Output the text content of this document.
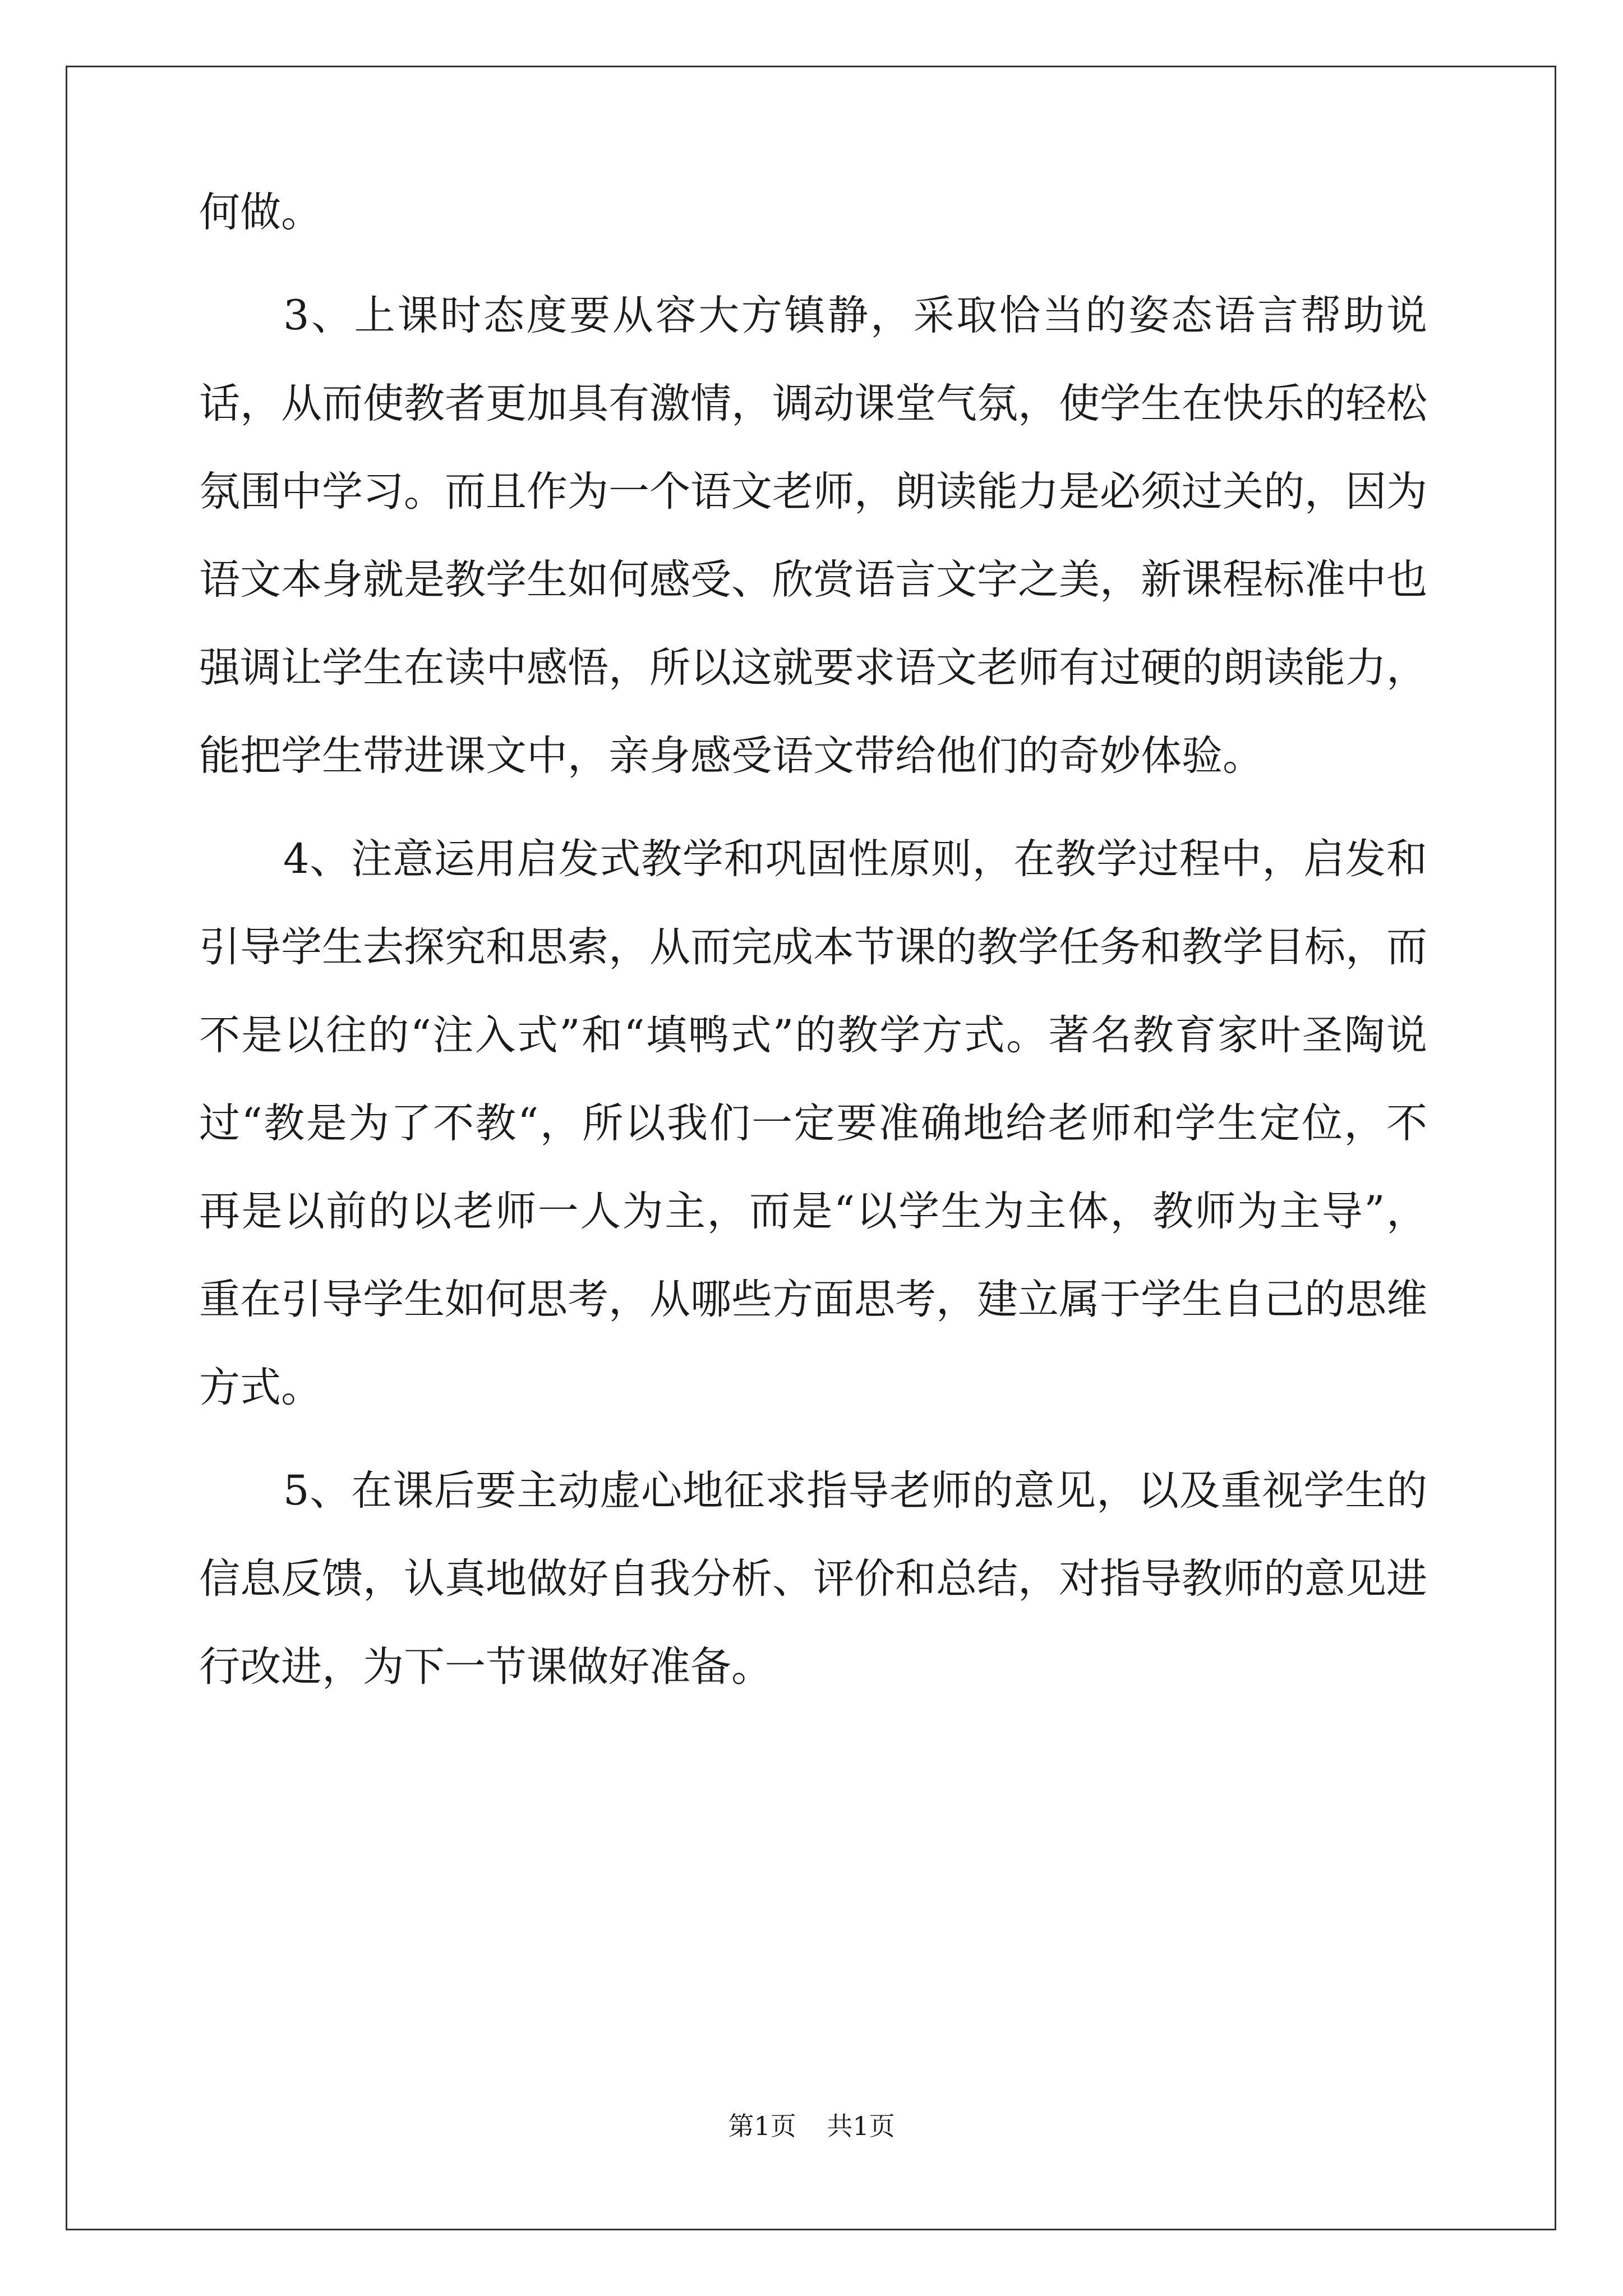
何做。

3、上课时态度要从容大方镇静，采取恰当的姿态语言帮助说话，从而使教者更加具有激情，调动课堂气氛，使学生在快乐的轻松氛围中学习。而且作为一个语文老师，朗读能力是必须过关的，因为语文本身就是教学生如何感受、欣赏语言文字之美，新课程标准中也强调让学生在读中感悟，所以这就要求语文老师有过硬的朗读能力，能把学生带进课文中，亲身感受语文带给他们的奇妙体验。

4、注意运用启发式教学和巩固性原则，在教学过程中，启发和引导学生去探究和思索，从而完成本节课的教学任务和教学目标，而不是以往的“注入式”和“填鸭式”的教学方式。著名教育家叶圣陶说过“教是为了不教“，所以我们一定要准确地给老师和学生定位，不再是以前的以老师一人为主，而是“以学生为主体，教师为主导”，重在引导学生如何思考，从哪些方面思考，建立属于学生自己的思维方式。

5、在课后要主动虚心地征求指导老师的意见，以及重视学生的信息反馈，认真地做好自我分析、评价和总结，对指导教师的意见进行改进，为下一节课做好准备。

第1页 共1页
